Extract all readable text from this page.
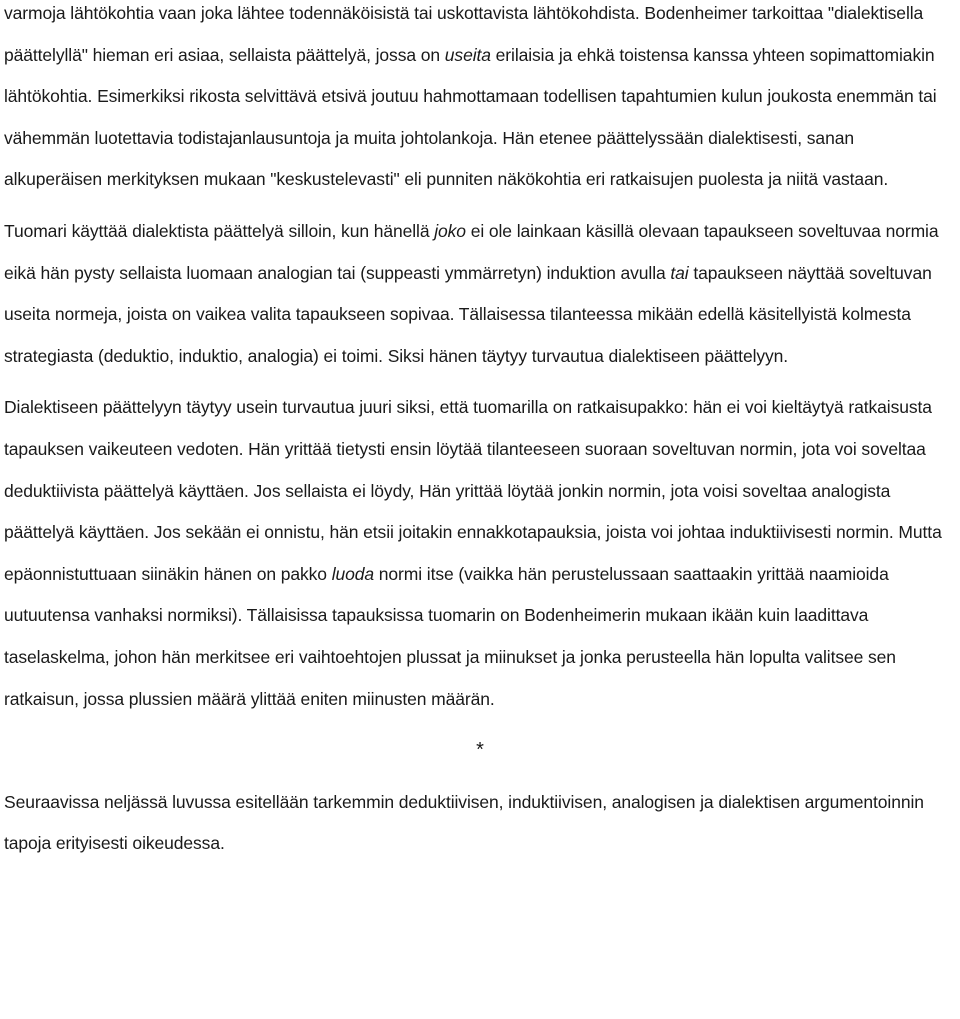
varmoja lähtökohtia vaan joka lähtee todennäköisistä tai uskottavista lähtökohdista. Bodenheimer tarkoittaa "dialektisella päättelyllä" hieman eri asiaa, sellaista päättelyä, jossa on useita erilaisia ja ehkä toistensa kanssa yhteen sopimattomiakin lähtökohtia. Esimerkiksi rikosta selvittävä etsivä joutuu hahmottamaan todellisen tapahtumien kulun joukosta enemmän tai vähemmän luotettavia todistajanlausuntoja ja muita johtolankoja. Hän etenee päättelyssään dialektisesti, sanan alkuperäisen merkityksen mukaan "keskustelevasti" eli punniten näkökohtia eri ratkaisujen puolesta ja niitä vastaan.

Tuomari käyttää dialektista päättelyä silloin, kun hänellä joko ei ole lainkaan käsillä olevaan tapaukseen soveltuvaa normia eikä hän pysty sellaista luomaan analogian tai (suppeasti ymmärretyn) induktion avulla tai tapaukseen näyttää soveltuvan useita normeja, joista on vaikea valita tapaukseen sopivaa. Tällaisessa tilanteessa mikään edellä käsitellyistä kolmesta strategiasta (deduktio, induktio, analogia) ei toimi. Siksi hänen täytyy turvautua dialektiseen päättelyyn.

Dialektiseen päättelyyn täytyy usein turvautua juuri siksi, että tuomarilla on ratkaisupakko: hän ei voi kieltäytyä ratkaisusta tapauksen vaikeuteen vedoten. Hän yrittää tietysti ensin löytää tilanteeseen suoraan soveltuvan normin, jota voi soveltaa deduktiivista päättelyä käyttäen. Jos sellaista ei löydy, Hän yrittää löytää jonkin normin, jota voisi soveltaa analogista päättelyä käyttäen. Jos sekään ei onnistu, hän etsii joitakin ennakkotapauksia, joista voi johtaa induktiivisesti normin. Mutta epäonnistuttuaan siinäkin hänen on pakko luoda normi itse (vaikka hän perustelussaan saattaakin yrittää naamioida uutuutensa vanhaksi normiksi). Tällaisissa tapauksissa tuomarin on Bodenheimerin mukaan ikään kuin laadittava taselaskelma, johon hän merkitsee eri vaihtoehtojen plussat ja miinukset ja jonka perusteella hän lopulta valitsee sen ratkaisun, jossa plussien määrä ylittää eniten miinusten määrän.

*

Seuraavissa neljässä luvussa esitellään tarkemmin deduktiivisen, induktiivisen, analogisen ja dialektisen argumentoinnin tapoja erityisesti oikeudessa.
